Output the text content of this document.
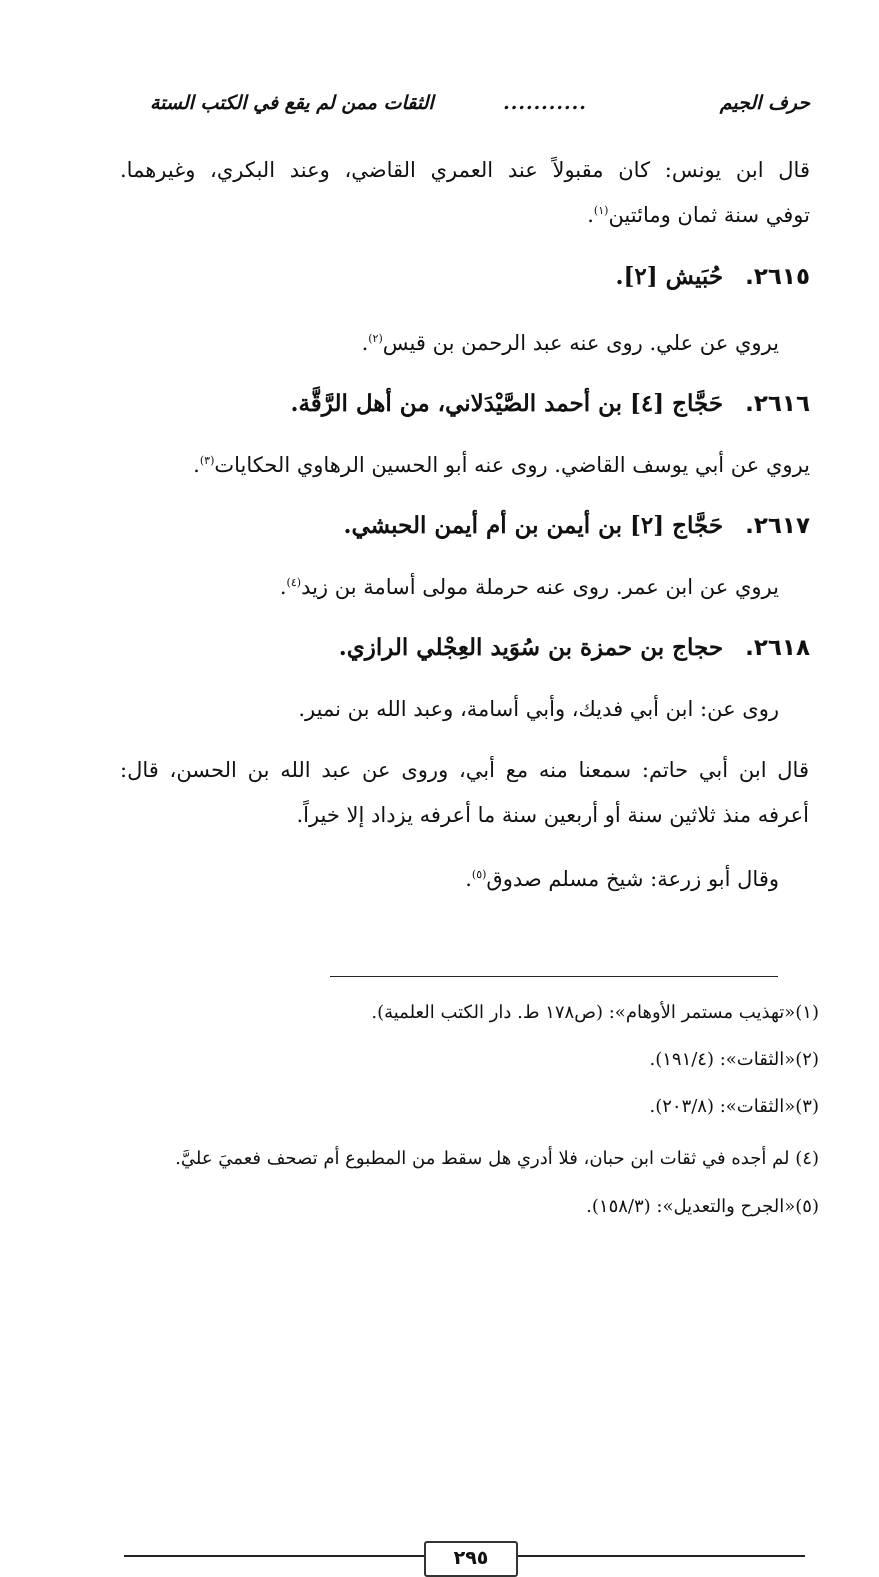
حرف الجيم
...........
الثقات ممن لم يقع في الكتب الستة
قال ابن يونس: كان مقبولاً عند العمري القاضي، وعند البكري، وغيرهما.
توفي سنة ثمان ومائتين$^{(١)}$.
٢٦١٥.حُبَيش [٢].
يروي عن علي. روى عنه عبد الرحمن بن قيس$^{(٢)}$.
٢٦١٦.حَجَّاج [٤] بن أحمد الصَّيْدَلاني، من أهل الرَّقَّة.
يروي عن أبي يوسف القاضي. روى عنه أبو الحسين الرهاوي الحكايات$^{(٣)}$.
٢٦١٧.حَجَّاج [٢] بن أيمن بن أم أيمن الحبشي.
يروي عن ابن عمر. روى عنه حرملة مولى أسامة بن زيد$^{(٤)}$.
٢٦١٨.حجاج بن حمزة بن سُوَيد العِجْلي الرازي.
روى عن: ابن أبي فديك، وأبي أسامة، وعبد الله بن نمير.
قال ابن أبي حاتم: سمعنا منه مع أبي، وروى عن عبد الله بن الحسن، قال:
أعرفه منذ ثلاثين سنة أو أربعين سنة ما أعرفه يزداد إلا خيراً.
وقال أبو زرعة: شيخ مسلم صدوق$^{(٥)}$.
(١)«تهذيب مستمر الأوهام»: (ص١٧٨ ط. دار الكتب العلمية).
(٢)«الثقات»: (١٩١/٤).
(٣)«الثقات»: (٢٠٣/٨).
(٤) لم أجده في ثقات ابن حبان، فلا أدري هل سقط من المطبوع أم تصحف فعميَ عليَّ.
(٥)«الجرح والتعديل»: (١٥٨/٣).
٢٩٥
